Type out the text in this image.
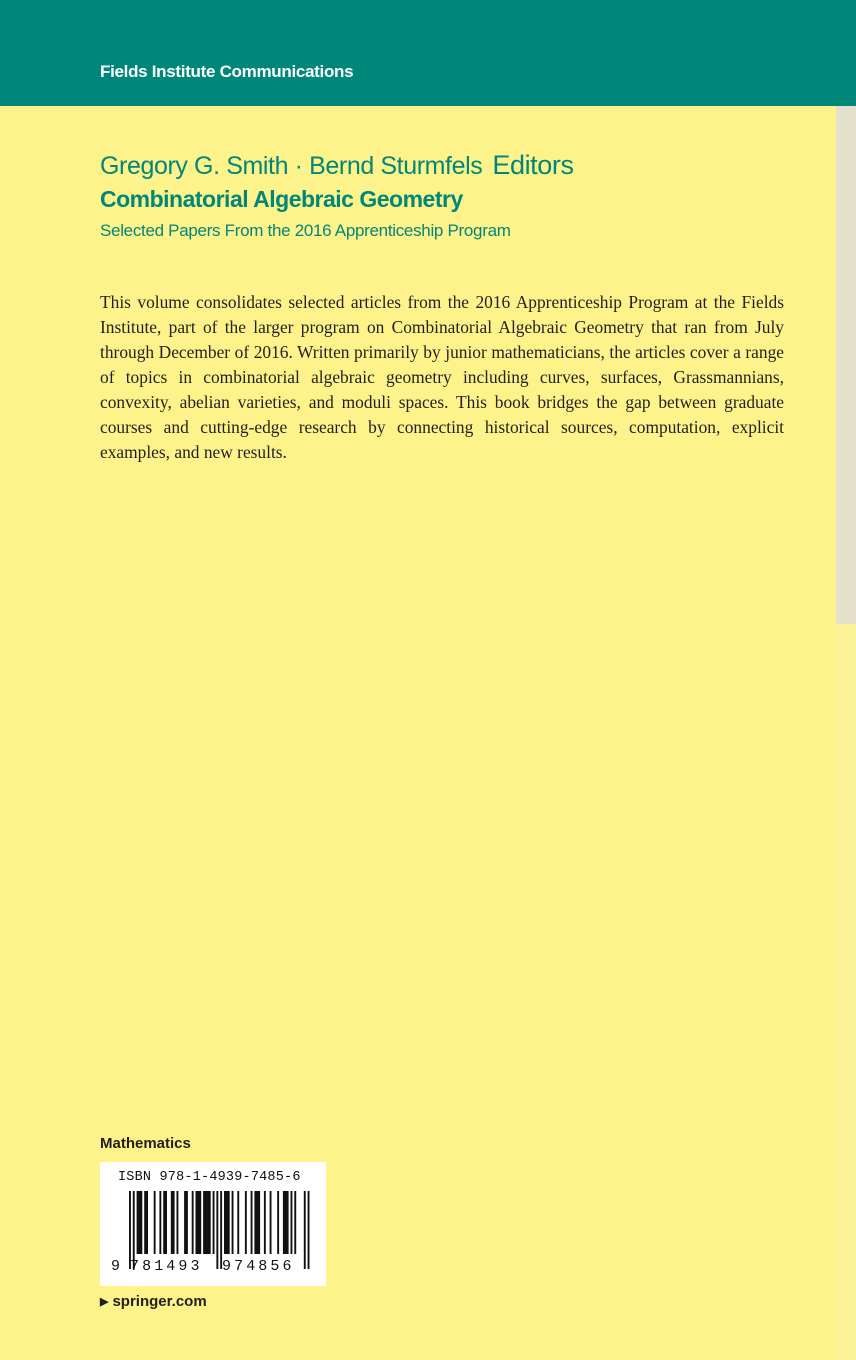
Fields Institute Communications
Gregory G. Smith · Bernd Sturmfels Editors
Combinatorial Algebraic Geometry
Selected Papers From the 2016 Apprenticeship Program
This volume consolidates selected articles from the 2016 Apprenticeship Program at the Fields Institute, part of the larger program on Combinatorial Algebraic Geometry that ran from July through December of 2016. Written primarily by junior mathematicians, the articles cover a range of topics in combinatorial algebraic geometry including curves, surfaces, Grassmannians, convexity, abelian varieties, and moduli spaces. This book bridges the gap between graduate courses and cutting-edge research by connecting historical sources, computation, explicit examples, and new results.
Mathematics
ISBN 978-1-4939-7485-6
9 781493 974856
▶ springer.com
